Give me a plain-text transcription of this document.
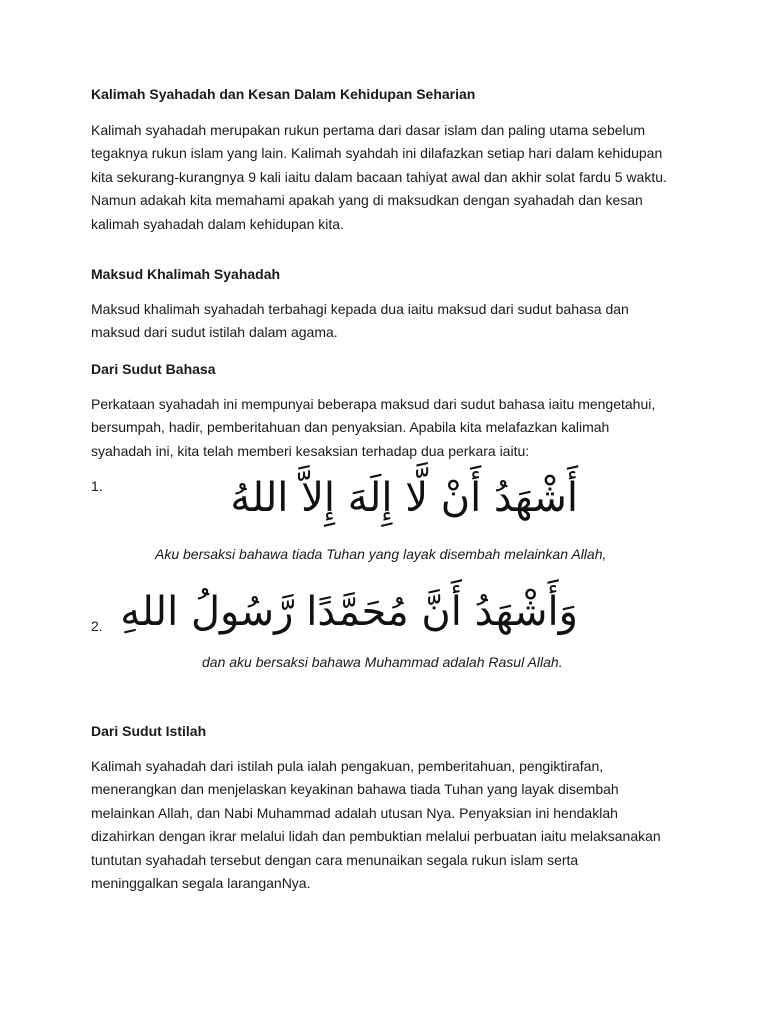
Kalimah Syahadah dan Kesan Dalam Kehidupan Seharian
Kalimah syahadah merupakan rukun pertama dari dasar islam dan paling utama sebelum
tegaknya rukun islam yang lain. Kalimah syahdah ini dilafazkan setiap hari dalam kehidupan
kita sekurang-kurangnya 9 kali iaitu dalam bacaan tahiyat awal dan akhir solat fardu 5 waktu.
Namun adakah kita memahami apakah yang di maksudkan dengan syahadah dan kesan
kalimah syahadah dalam kehidupan kita.
Maksud Khalimah Syahadah
Maksud khalimah syahadah terbahagi kepada dua iaitu maksud dari sudut bahasa dan
maksud dari sudut istilah dalam agama.
Dari Sudut Bahasa
Perkataan syahadah ini mempunyai beberapa maksud dari sudut bahasa iaitu mengetahui,
bersumpah, hadir, pemberitahuan dan penyaksian. Apabila kita melafazkan kalimah
syahadah ini, kita telah memberi kesaksian terhadap dua perkara iaitu:
1.	أَشْهَدُ أَنْ لَّا إِلَهَ إِلاَّ اللهُ
Aku bersaksi bahawa tiada Tuhan yang layak disembah melainkan Allah,
2. وَأَشْهَدُ أَنَّ مُحَمَّدًا رَّسُولُ اللهِ
dan aku bersaksi bahawa Muhammad adalah Rasul Allah.
Dari Sudut Istilah
Kalimah syahadah dari istilah pula ialah pengakuan, pemberitahuan, pengiktirafan,
menerangkan dan menjelaskan keyakinan bahawa tiada Tuhan yang layak disembah
melainkan Allah, dan Nabi Muhammad adalah utusan Nya. Penyaksian ini hendaklah
dizahirkan dengan ikrar melalui lidah dan pembuktian melalui perbuatan iaitu melaksanakan
tuntutan syahadah tersebut dengan cara menunaikan segala rukun islam serta
meninggalkan segala laranganNya.
